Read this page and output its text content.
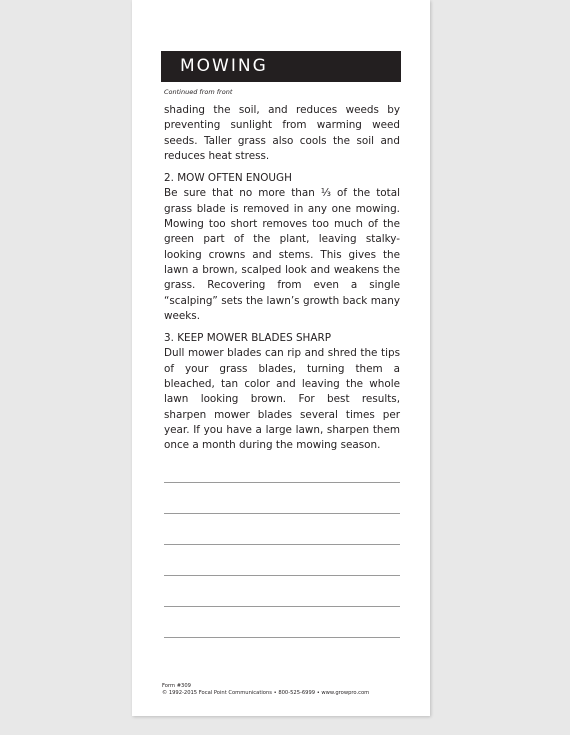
MOWING
Continued from front

shading the soil, and reduces weeds by preventing sunlight from warming weed seeds. Taller grass also cools the soil and reduces heat stress.

2. MOW OFTEN ENOUGH

Be sure that no more than ⅓ of the total grass blade is removed in any one mowing. Mowing too short removes too much of the green part of the plant, leaving stalky-looking crowns and stems. This gives the lawn a brown, scalped look and weakens the grass. Recovering from even a single “scalping” sets the lawn’s growth back many weeks.

3. KEEP MOWER BLADES SHARP

Dull mower blades can rip and shred the tips of your grass blades, turning them a bleached, tan color and leaving the whole lawn looking brown. For best results, sharpen mower blades several times per year. If you have a large lawn, sharpen them once a month during the mowing season.

Form #309
© 1992-2015 Focal Point Communications • 800-525-6999 • www.growpro.com
